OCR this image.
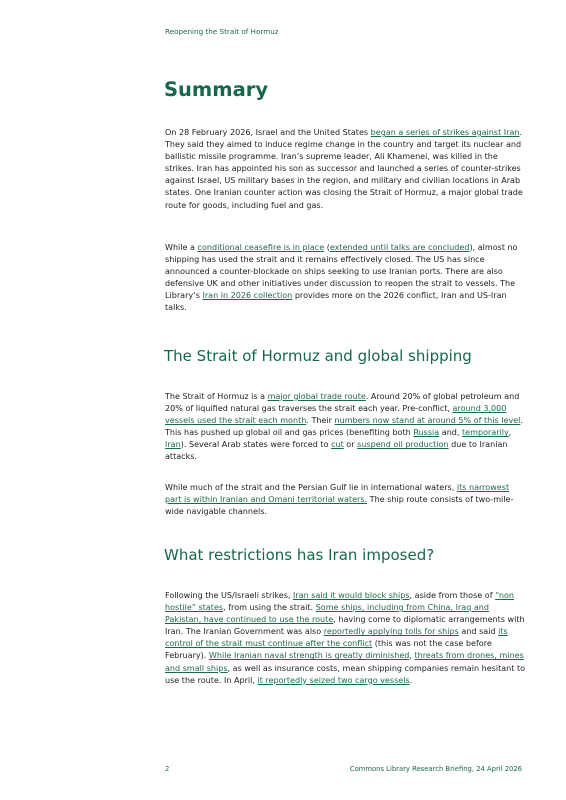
Reopening the Strait of Hormuz
Summary

On 28 February 2026, Israel and the United States began a series of strikes against Iran. They said they aimed to induce regime change in the country and target its nuclear and ballistic missile programme. Iran’s supreme leader, Ali Khamenei, was killed in the strikes. Iran has appointed his son as successor and launched a series of counter-strikes against Israel, US military bases in the region, and military and civilian locations in Arab states. One Iranian counter action was closing the Strait of Hormuz, a major global trade route for goods, including fuel and gas.

While a conditional ceasefire is in place (extended until talks are concluded), almost no shipping has used the strait and it remains effectively closed. The US has since announced a counter-blockade on ships seeking to use Iranian ports. There are also defensive UK and other initiatives under discussion to reopen the strait to vessels. The Library’s Iran in 2026 collection provides more on the 2026 conflict, Iran and US-Iran talks.

The Strait of Hormuz and global shipping

The Strait of Hormuz is a major global trade route. Around 20% of global petroleum and 20% of liquified natural gas traverses the strait each year. Pre-conflict, around 3,000 vessels used the strait each month. Their numbers now stand at around 5% of this level. This has pushed up global oil and gas prices (benefiting both Russia and, temporarily, Iran). Several Arab states were forced to cut or suspend oil production due to Iranian attacks.

While much of the strait and the Persian Gulf lie in international waters, its narrowest part is within Iranian and Omani territorial waters. The ship route consists of two-mile-wide navigable channels.

What restrictions has Iran imposed?

Following the US/Israeli strikes, Iran said it would block ships, aside from those of “non hostile” states, from using the strait. Some ships, including from China, Iraq and Pakistan, have continued to use the route, having come to diplomatic arrangements with Iran. The Iranian Government was also reportedly applying tolls for ships and said its control of the strait must continue after the conflict (this was not the case before February). While Iranian naval strength is greatly diminished, threats from drones, mines and small ships, as well as insurance costs, mean shipping companies remain hesitant to use the route. In April, it reportedly seized two cargo vessels.

2	Commons Library Research Briefing, 24 April 2026
